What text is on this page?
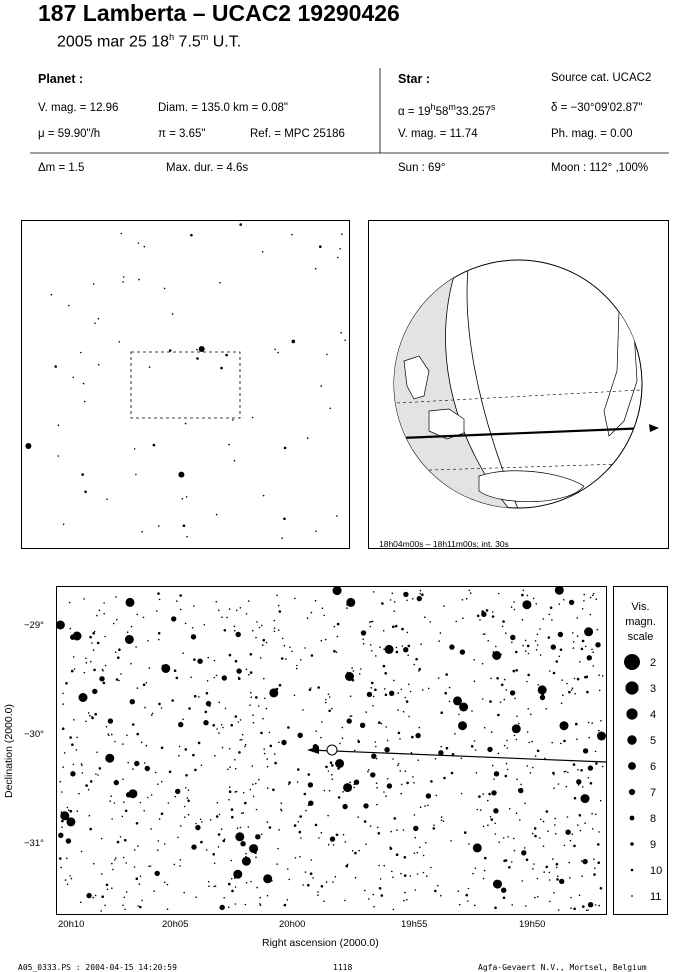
187 Lamberta – UCAC2 19290426
2005 mar 25 18$^h$ 7.5$^m$ U.T.
Planet :
V. mag. = 12.96	Diam. = 135.0 km = 0.08"
μ = 59.90"/h	π = 3.65"	Ref. = MPC 25186
Star :	Source cat. UCAC2
$\alpha = 19^h58^m33.257^s$	δ = −30°09'02.87"
V. mag. = 11.74	Ph. mag. = 0.00
Δm = 1.5	Max. dur. = 4.6s	Sun : 69°	Moon : 112° ,100%
18h04m00s – 18h11m00s; int. 30s
−29°
−30°
−31°
Declination (2000.0)
20h10	20h05	20h00	19h55	19h50
Right ascension (2000.0)
Vis.
magn.
scale
2
3
4
5
6
7
8
9
10
11
A05_0333.PS : 2004-04-15 14:20:59	1118	Agfa-Gevaert N.V., Mortsel, Belgium
